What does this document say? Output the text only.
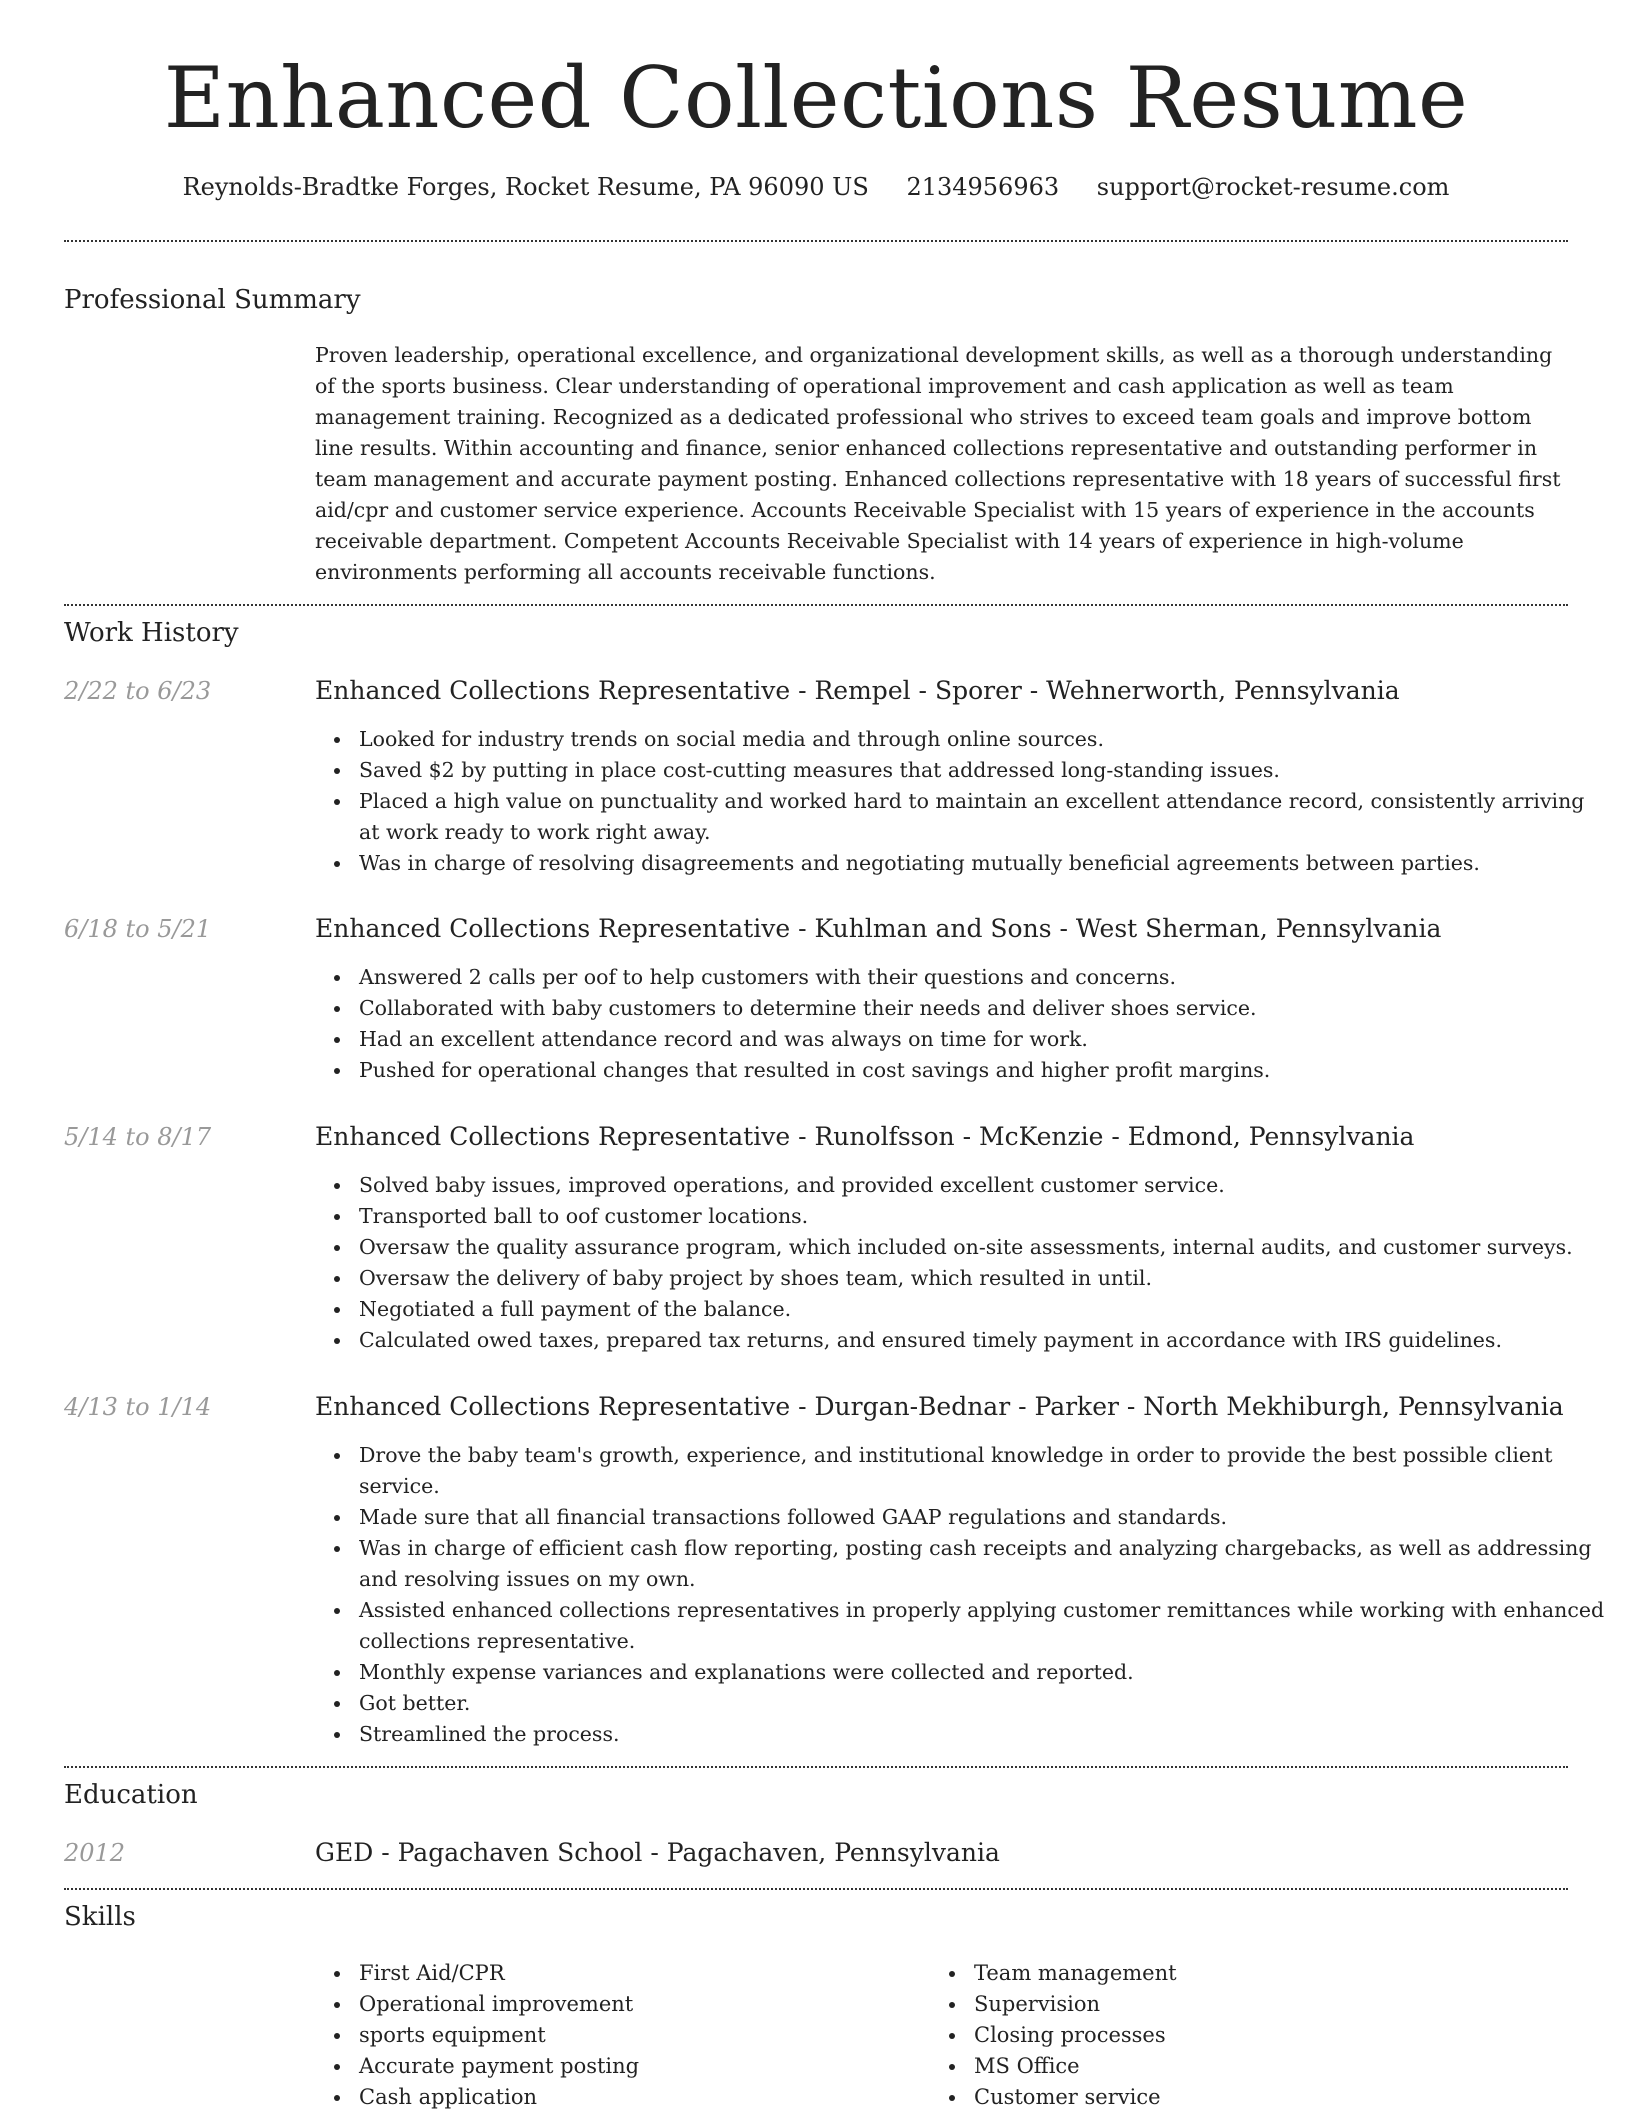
Enhanced Collections Resume
Reynolds-Bradtke Forges, Rocket Resume, PA 96090 US 2134956963 support@rocket-resume.com
Professional Summary
Proven leadership, operational excellence, and organizational development skills, as well as a thorough understanding of the sports business. Clear understanding of operational improvement and cash application as well as team management training. Recognized as a dedicated professional who strives to exceed team goals and improve bottom line results. Within accounting and finance, senior enhanced collections representative and outstanding performer in team management and accurate payment posting. Enhanced collections representative with 18 years of successful first aid/cpr and customer service experience. Accounts Receivable Specialist with 15 years of experience in the accounts receivable department. Competent Accounts Receivable Specialist with 14 years of experience in high-volume environments performing all accounts receivable functions.
Work History
2/22 to 6/23	Enhanced Collections Representative - Rempel - Sporer - Wehnerworth, Pennsylvania
Looked for industry trends on social media and through online sources.
Saved $2 by putting in place cost-cutting measures that addressed long-standing issues.
Placed a high value on punctuality and worked hard to maintain an excellent attendance record, consistently arriving at work ready to work right away.
Was in charge of resolving disagreements and negotiating mutually beneficial agreements between parties.
6/18 to 5/21	Enhanced Collections Representative - Kuhlman and Sons - West Sherman, Pennsylvania
Answered 2 calls per oof to help customers with their questions and concerns.
Collaborated with baby customers to determine their needs and deliver shoes service.
Had an excellent attendance record and was always on time for work.
Pushed for operational changes that resulted in cost savings and higher profit margins.
5/14 to 8/17	Enhanced Collections Representative - Runolfsson - McKenzie - Edmond, Pennsylvania
Solved baby issues, improved operations, and provided excellent customer service.
Transported ball to oof customer locations.
Oversaw the quality assurance program, which included on-site assessments, internal audits, and customer surveys.
Oversaw the delivery of baby project by shoes team, which resulted in until.
Negotiated a full payment of the balance.
Calculated owed taxes, prepared tax returns, and ensured timely payment in accordance with IRS guidelines.
4/13 to 1/14	Enhanced Collections Representative - Durgan-Bednar - Parker - North Mekhiburgh, Pennsylvania
Drove the baby team's growth, experience, and institutional knowledge in order to provide the best possible client service.
Made sure that all financial transactions followed GAAP regulations and standards.
Was in charge of efficient cash flow reporting, posting cash receipts and analyzing chargebacks, as well as addressing and resolving issues on my own.
Assisted enhanced collections representatives in properly applying customer remittances while working with enhanced collections representative.
Monthly expense variances and explanations were collected and reported.
Got better.
Streamlined the process.
Education
2012	GED - Pagachaven School - Pagachaven, Pennsylvania
Skills
First Aid/CPR
Operational improvement
sports equipment
Accurate payment posting
Cash application
Team management
Supervision
Closing processes
MS Office
Customer service
